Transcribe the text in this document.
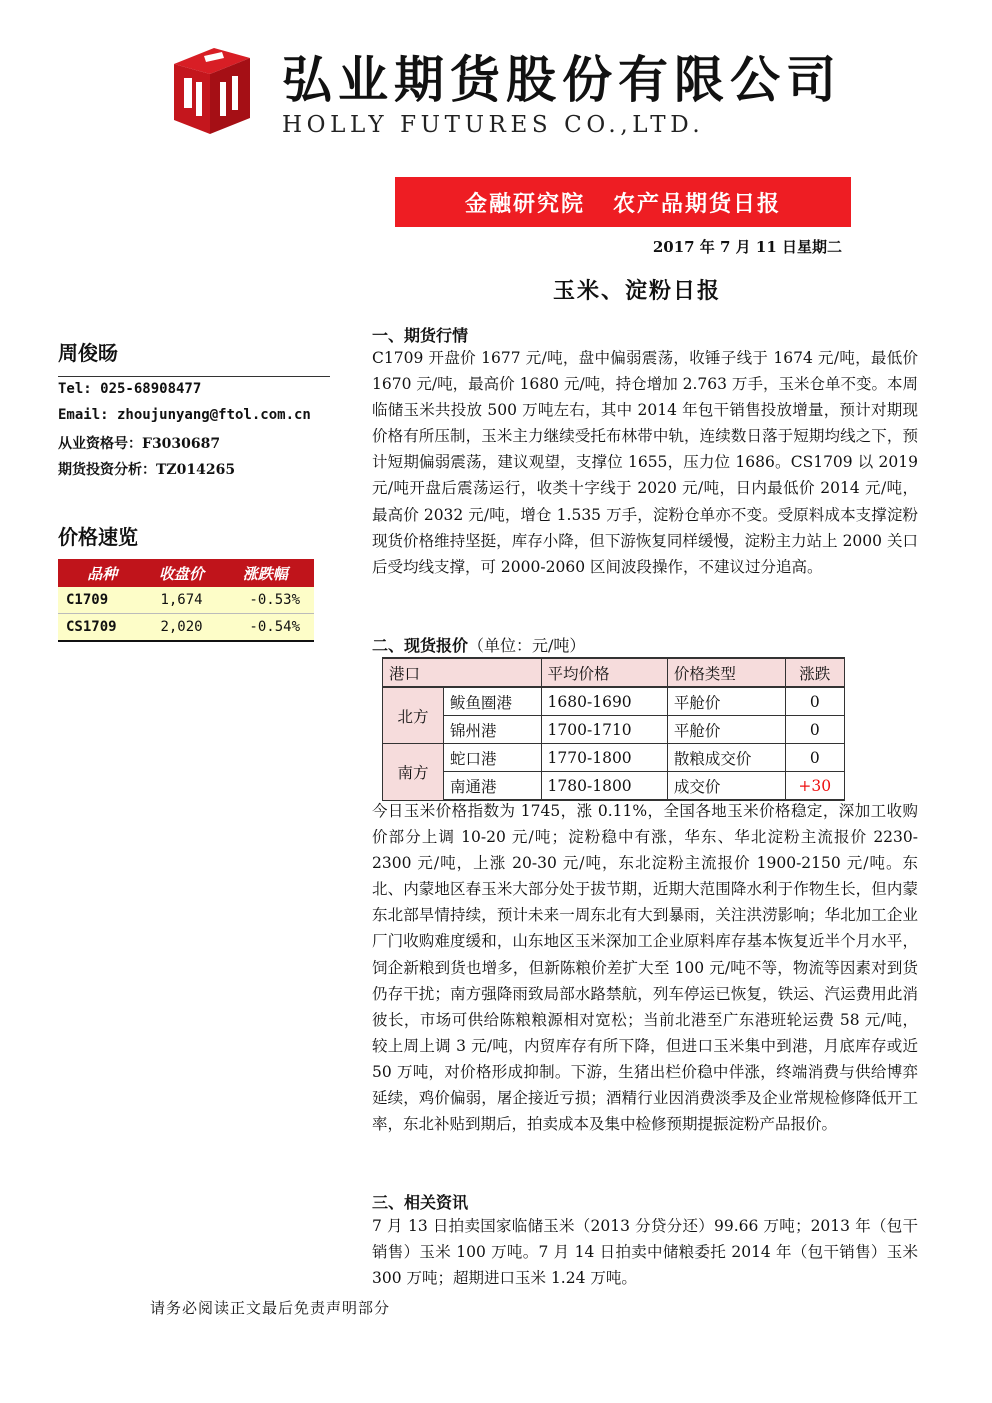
弘业期货股份有限公司
HOLLY FUTURES CO.,LTD.
金融研究院 农产品期货日报
2017 年 7 月 11 日星期二
玉米、淀粉日报
周俊旸
Tel: 025-68908477
Email: zhoujunyang@ftol.com.cn
从业资格号：F3030687
期货投资分析：TZ014265
价格速览
品种	收盘价	涨跌幅
C1709	1,674	-0.53%
CS1709	2,020	-0.54%
一、期货行情
C1709 开盘价 1677 元/吨，盘中偏弱震荡，收锤子线于 1674 元/吨，最低价 1670 元/吨，最高价 1680 元/吨，持仓增加 2.763 万手，玉米仓单不变。本周临储玉米共投放 500 万吨左右，其中 2014 年包干销售投放增量，预计对期现价格有所压制，玉米主力继续受托布林带中轨，连续数日落于短期均线之下，预计短期偏弱震荡，建议观望，支撑位 1655，压力位 1686。CS1709 以 2019 元/吨开盘后震荡运行，收类十字线于 2020 元/吨，日内最低价 2014 元/吨，最高价 2032 元/吨，增仓 1.535 万手，淀粉仓单亦不变。受原料成本支撑淀粉现货价格维持坚挺，库存小降，但下游恢复同样缓慢，淀粉主力站上 2000 关口后受均线支撑，可 2000-2060 区间波段操作，不建议过分追高。
二、现货报价（单位：元/吨）
港口		平均价格	价格类型	涨跌
北方	鲅鱼圈港	1680-1690	平舱价	0
	锦州港	1700-1710	平舱价	0
南方	蛇口港	1770-1800	散粮成交价	0
	南通港	1780-1800	成交价	+30
今日玉米价格指数为 1745，涨 0.11%，全国各地玉米价格稳定，深加工收购价部分上调 10-20 元/吨；淀粉稳中有涨，华东、华北淀粉主流报价 2230-2300 元/吨，上涨 20-30 元/吨，东北淀粉主流报价 1900-2150 元/吨。东北、内蒙地区春玉米大部分处于拔节期，近期大范围降水利于作物生长，但内蒙东北部旱情持续，预计未来一周东北有大到暴雨，关注洪涝影响；华北加工企业厂门收购难度缓和，山东地区玉米深加工企业原料库存基本恢复近半个月水平，饲企新粮到货也增多，但新陈粮价差扩大至 100 元/吨不等，物流等因素对到货仍存干扰；南方强降雨致局部水路禁航，列车停运已恢复，铁运、汽运费用此消彼长，市场可供给陈粮粮源相对宽松；当前北港至广东港班轮运费 58 元/吨，较上周上调 3 元/吨，内贸库存有所下降，但进口玉米集中到港，月底库存或近 50 万吨，对价格形成抑制。下游，生猪出栏价稳中伴涨，终端消费与供给博弈延续，鸡价偏弱，屠企接近亏损；酒精行业因消费淡季及企业常规检修降低开工率，东北补贴到期后，拍卖成本及集中检修预期提振淀粉产品报价。
三、相关资讯
7 月 13 日拍卖国家临储玉米（2013 分贷分还）99.66 万吨；2013 年（包干销售）玉米 100 万吨。7 月 14 日拍卖中储粮委托 2014 年（包干销售）玉米 300 万吨；超期进口玉米 1.24 万吨。
请务必阅读正文最后免责声明部分
